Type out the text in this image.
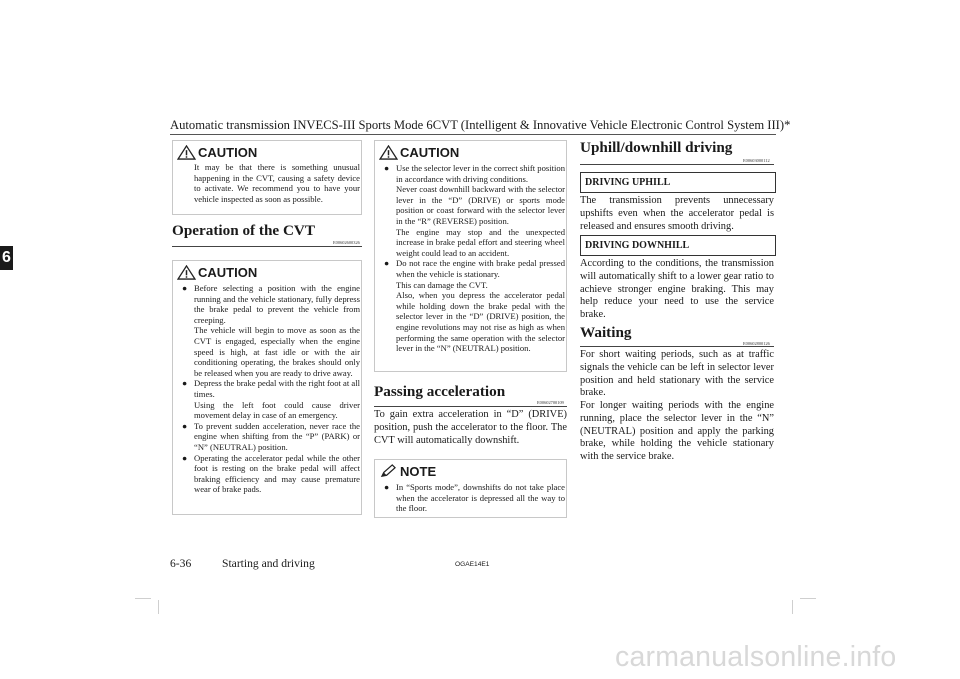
Automatic transmission INVECS-III Sports Mode 6CVT (Intelligent & Innovative Vehicle Electronic Control System III)*
6
CAUTION

It may be that there is something unusual happening in the CVT, causing a safety device to activate. We recommend you to have your vehicle inspected as soon as possible.

Operation of the CVT
E00602600326
CAUTION
● Before selecting a position with the engine running and the vehicle stationary, fully depress the brake pedal to prevent the vehicle from creeping.

The vehicle will begin to move as soon as the CVT is engaged, especially when the engine speed is high, at fast idle or with the air conditioning operating, the brakes should only be released when you are ready to drive away.

● Depress the brake pedal with the right foot at all times.

Using the left foot could cause driver movement delay in case of an emergency.

● To prevent sudden acceleration, never race the engine when shifting from the “P” (PARK) or “N” (NEUTRAL) position.

● Operating the accelerator pedal while the other foot is resting on the brake pedal will affect braking efficiency and may cause premature wear of brake pads.

CAUTION
● Use the selector lever in the correct shift position in accordance with driving conditions.

Never coast downhill backward with the selector lever in the “D” (DRIVE) or sports mode position or coast forward with the selector lever in the “R” (REVERSE) position.

The engine may stop and the unexpected increase in brake pedal effort and steering wheel weight could lead to an accident.

● Do not race the engine with brake pedal pressed when the vehicle is stationary.

This can damage the CVT.

Also, when you depress the accelerator pedal while holding down the brake pedal with the selector lever in the “D” (DRIVE) position, the engine revolutions may not rise as high as when performing the same operation with the selector lever in the “N” (NEUTRAL) position.

Passing acceleration
E00602700109

To gain extra acceleration in “D” (DRIVE) position, push the accelerator to the floor. The CVT will automatically downshift.

NOTE
● In “Sports mode”, downshifts do not take place when the accelerator is depressed all the way to the floor.

Uphill/downhill driving
E00603000112
DRIVING UPHILL

The transmission prevents unnecessary upshifts even when the accelerator pedal is released and ensures smooth driving.

DRIVING DOWNHILL

According to the conditions, the transmission will automatically shift to a lower gear ratio to achieve stronger engine braking. This may help reduce your need to use the service brake.

Waiting
E00602800126

For short waiting periods, such as at traffic signals the vehicle can be left in selector lever position and held stationary with the service brake.

For longer waiting periods with the engine running, place the selector lever in the “N” (NEUTRAL) position and apply the parking brake, while holding the vehicle stationary with the service brake.

6-36	Starting and driving	OGAE14E1
carmanualsonline.info
